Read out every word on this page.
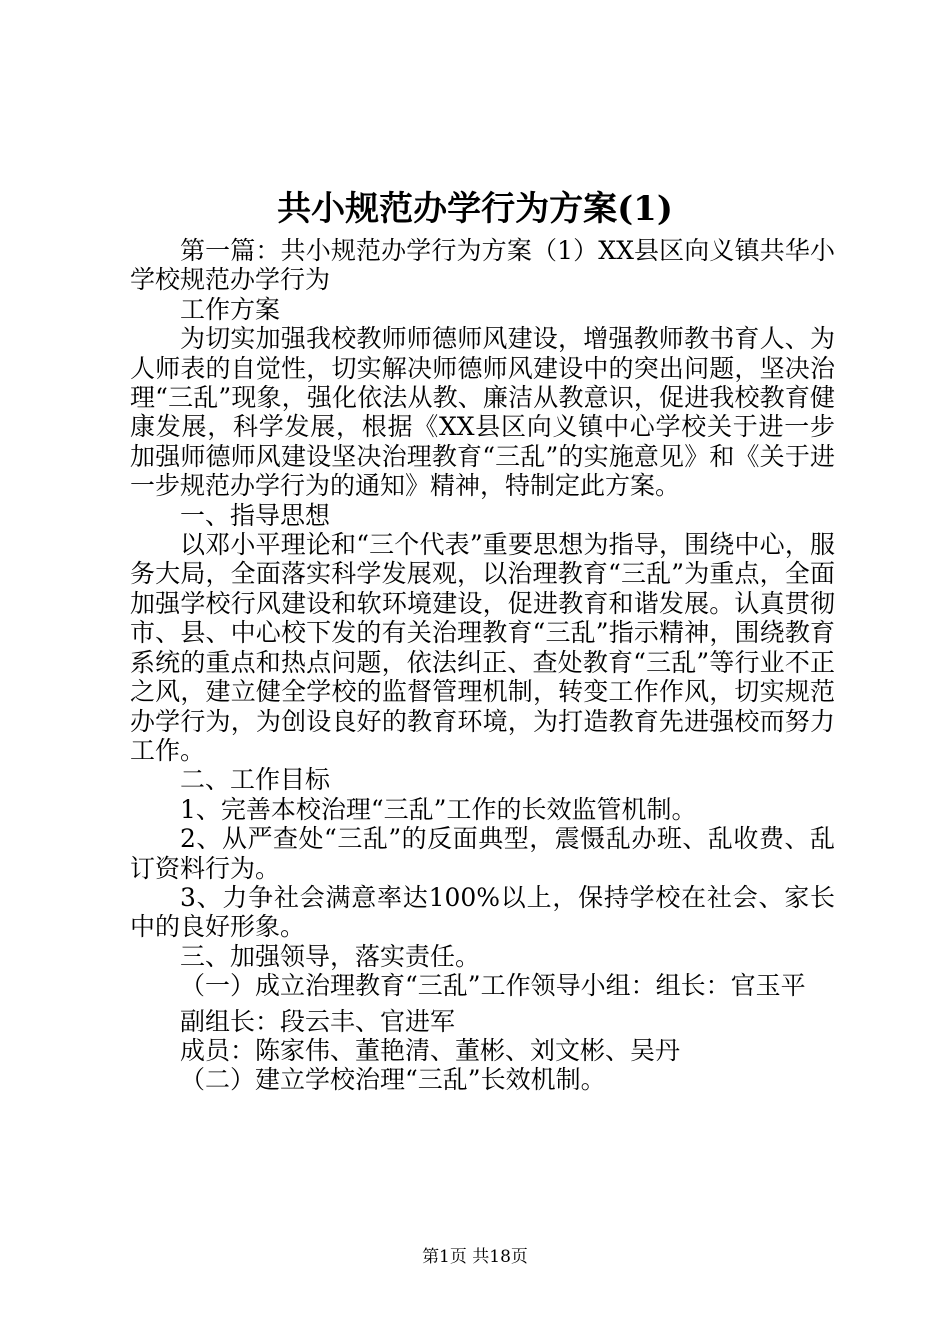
共小规范办学行为方案(1)

第一篇：共小规范办学行为方案（1）XX县区向义镇共华小学校规范办学行为

工作方案

为切实加强我校教师师德师风建设，增强教师教书育人、为人师表的自觉性，切实解决师德师风建设中的突出问题，坚决治理“三乱”现象，强化依法从教、廉洁从教意识，促进我校教育健康发展，科学发展，根据《XX县区向义镇中心学校关于进一步加强师德师风建设坚决治理教育“三乱”的实施意见》和《关于进一步规范办学行为的通知》精神，特制定此方案。

一、指导思想

以邓小平理论和“三个代表”重要思想为指导，围绕中心，服务大局，全面落实科学发展观，以治理教育“三乱”为重点，全面加强学校行风建设和软环境建设，促进教育和谐发展。认真贯彻市、县、中心校下发的有关治理教育“三乱”指示精神，围绕教育系统的重点和热点问题，依法纠正、查处教育“三乱”等行业不正之风，建立健全学校的监督管理机制，转变工作作风，切实规范办学行为，为创设良好的教育环境，为打造教育先进强校而努力工作。

二、工作目标

1、完善本校治理“三乱”工作的长效监管机制。

2、从严查处“三乱”的反面典型，震慑乱办班、乱收费、乱订资料行为。

3、力争社会满意率达100%以上，保持学校在社会、家长中的良好形象。

三、加强领导，落实责任。

（一）成立治理教育“三乱”工作领导小组：组长：官玉平

副组长：段云丰、官进军

成员：陈家伟、董艳清、董彬、刘文彬、吴丹

（二）建立学校治理“三乱”长效机制。

第1页 共18页
